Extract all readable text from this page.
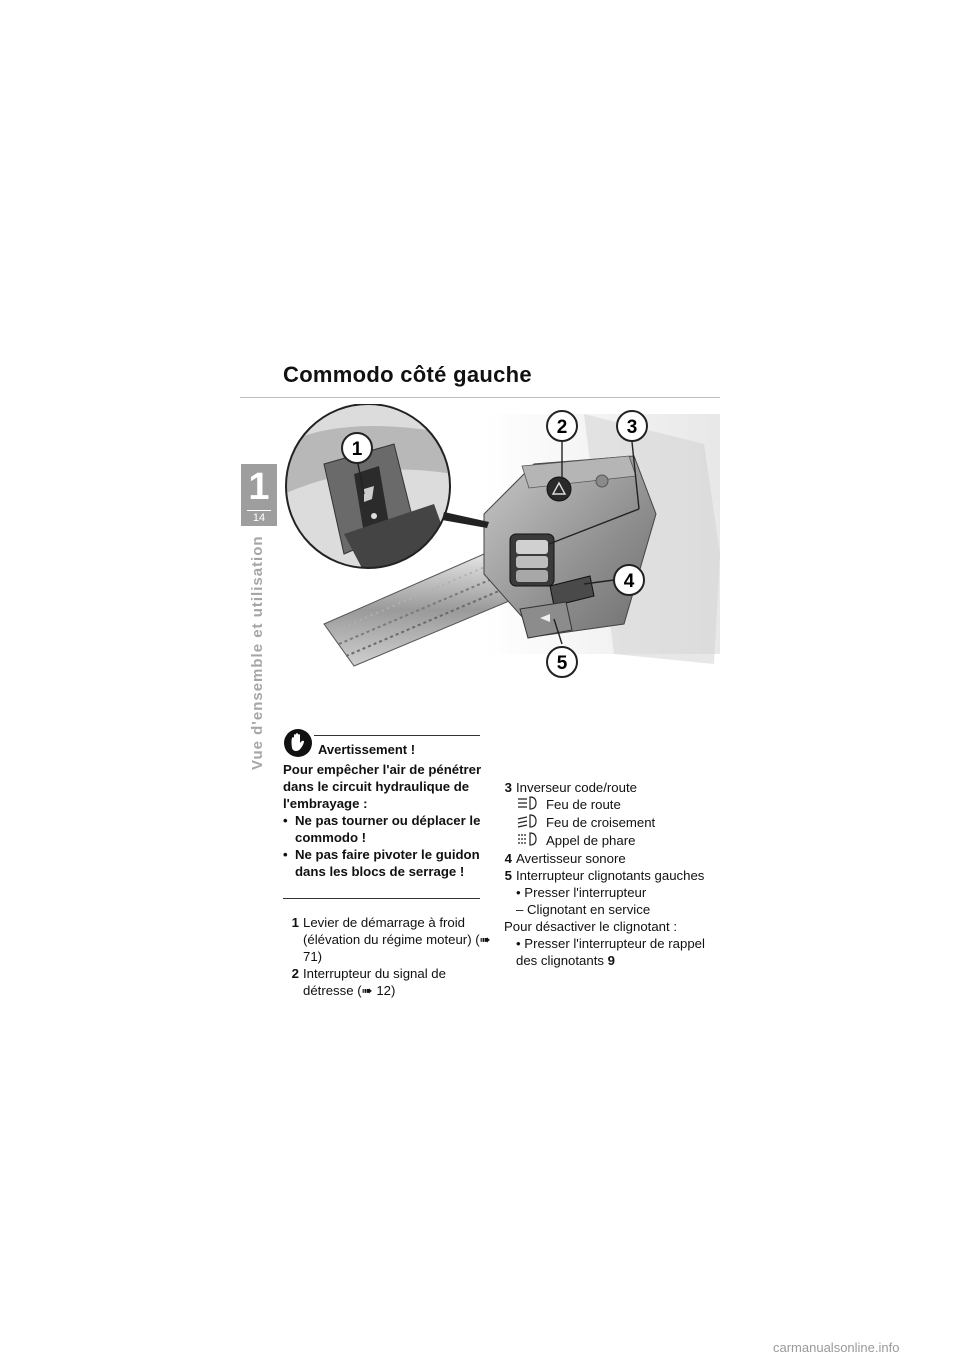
1
14
Vue d'ensemble et utilisation
Commodo côté gauche
1
2	3
4
5
Avertissement !

Pour empêcher l'air de pénétrer dans le circuit hydraulique de l'embrayage :

• Ne pas tourner ou déplacer le commodo !
• Ne pas faire pivoter le guidon dans les blocs de serrage !
1 Levier de démarrage à froid (élévation du régime moteur) (➠ 71)
2 Interrupteur du signal de détresse (➠ 12)
3 Inverseur code/route
Feu de route
Feu de croisement
Appel de phare
4 Avertisseur sonore
5 Interrupteur clignotants gauches
• Presser l'interrupteur
– Clignotant en service
Pour désactiver le clignotant :
• Presser l'interrupteur de rappel des clignotants 9
carmanualsonline.info
